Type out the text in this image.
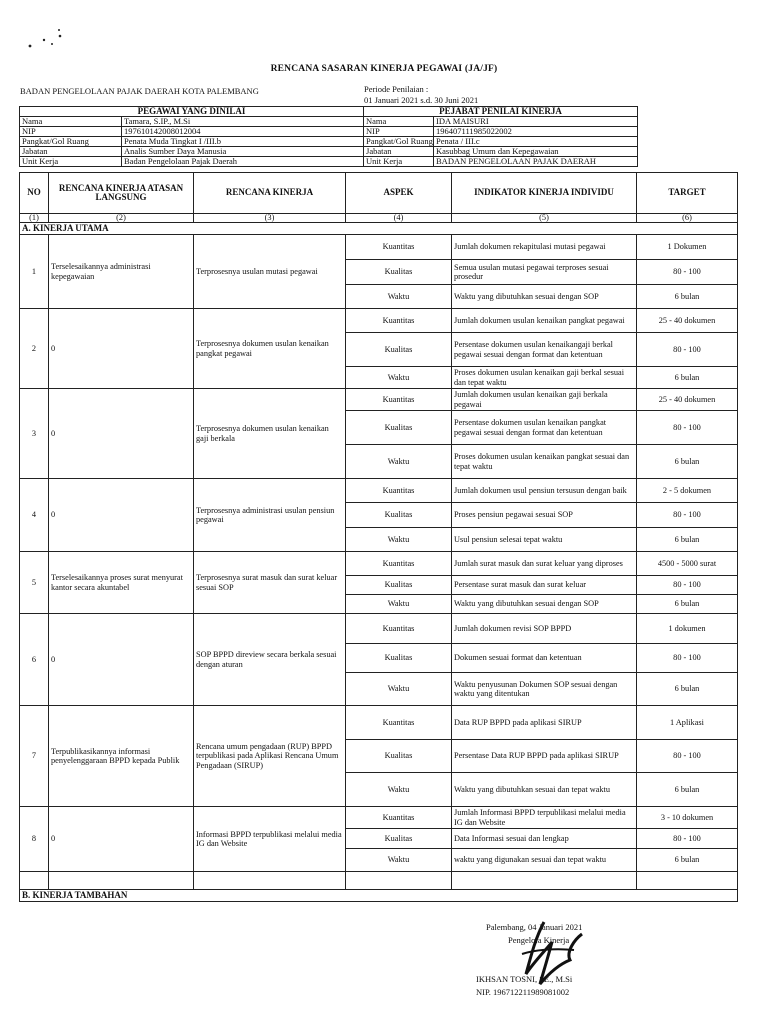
RENCANA SASARAN KINERJA PEGAWAI (JA/JF)
BADAN PENGELOLAAN PAJAK DAERAH KOTA PALEMBANG	Periode Penilaian :
01 Januari 2021 s.d. 30 Juni 2021
PEGAWAI YANG DINILAI		PEJABAT PENILAI KINERJA	
Nama	Tamara, S.IP., M.Si	Nama	IDA MAISURI
NIP	197610142008012004	NIP	196407111985022002
Pangkat/Gol Ruang	Penata Muda Tingkat I /III.b	Pangkat/Gol Ruang	Penata / III.c
Jabatan	Analis Sumber Daya Manusia	Jabatan	Kasubbag Umum dan Kepegawaian
Unit Kerja	Badan Pengelolaan Pajak Daerah	Unit Kerja	BADAN PENGELOLAAN PAJAK DAERAH
NO	RENCANA KINERJA ATASAN LANGSUNG	RENCANA KINERJA	ASPEK	INDIKATOR KINERJA INDIVIDU	TARGET
(1)	(2)	(3)	(4)	(5)	(6)
A. KINERJA UTAMA					
1	Terselesaikannya administrasi kepegawaian	Terprosesnya usulan mutasi pegawai	Kuantitas	Jumlah dokumen rekapitulasi mutasi pegawai	1 Dokumen
			Kualitas	Semua usulan mutasi pegawai terproses sesuai prosedur	80 - 100
			Waktu	Waktu yang dibutuhkan sesuai dengan SOP	6 bulan
2	0	Terprosesnya dokumen usulan kenaikan pangkat pegawai	Kuantitas	Jumlah dokumen usulan kenaikan pangkat pegawai	25 - 40 dokumen
			Kualitas	Persentase dokumen usulan kenaikangaji berkal pegawai sesuai dengan format dan ketentuan	80 - 100
			Waktu	Proses dokumen usulan kenaikan gaji berkal sesuai dan tepat waktu	6 bulan
3	0	Terprosesnya dokumen usulan kenaikan gaji berkala	Kuantitas	Jumlah dokumen usulan kenaikan gaji berkala pegawai	25 - 40 dokumen
			Kualitas	Persentase dokumen usulan kenaikan pangkat pegawai sesuai dengan format dan ketentuan	80 - 100
			Waktu	Proses dokumen usulan kenaikan pangkat sesuai dan tepat waktu	6 bulan
4	0	Terprosesnya administrasi usulan pensiun pegawai	Kuantitas	Jumlah dokumen usul pensiun tersusun dengan baik	2 - 5 dokumen
			Kualitas	Proses pensiun pegawai sesuai SOP	80 - 100
			Waktu	Usul pensiun selesai tepat waktu	6 bulan
5	Terselesaikannya proses surat menyurat kantor secara akuntabel	Terprosesnya surat masuk dan surat keluar sesuai SOP	Kuantitas	Jumlah surat masuk dan surat keluar yang diproses	4500 - 5000 surat
			Kualitas	Persentase surat masuk dan surat keluar	80 - 100
			Waktu	Waktu yang dibutuhkan sesuai dengan SOP	6 bulan
6	0	SOP BPPD direview secara berkala sesuai dengan aturan	Kuantitas	Jumlah dokumen revisi SOP BPPD	1 dokumen
			Kualitas	Dokumen sesuai format dan ketentuan	80 - 100
			Waktu	Waktu penyusunan Dokumen SOP sesuai dengan waktu yang ditentukan	6 bulan
7	Terpublikasikannya informasi penyelenggaraan BPPD kepada Publik	Rencana umum pengadaan (RUP) BPPD terpublikasi pada Aplikasi Rencana Umum Pengadaan (SIRUP)	Kuantitas	Data RUP BPPD pada aplikasi SIRUP	1 Aplikasi
			Kualitas	Persentase Data RUP BPPD pada aplikasi SIRUP	80 - 100
			Waktu	Waktu yang dibutuhkan sesuai dan tepat waktu	6 bulan
8	0	Informasi BPPD terpublikasi melalui media IG dan Website	Kuantitas	Jumlah Informasi BPPD terpublikasi melalui media IG dan Website	3 - 10 dokumen
			Kualitas	Data Informasi sesuai dan lengkap	80 - 100
			Waktu	waktu yang digunakan sesuai dan tepat waktu	6 bulan

B. KINERJA TAMBAHAN					
Palembang, 04 Januari 2021
Pengelola Kinerja
IKHSAN TOSNI, SE., M.Si
NIP. 196712211989081002
